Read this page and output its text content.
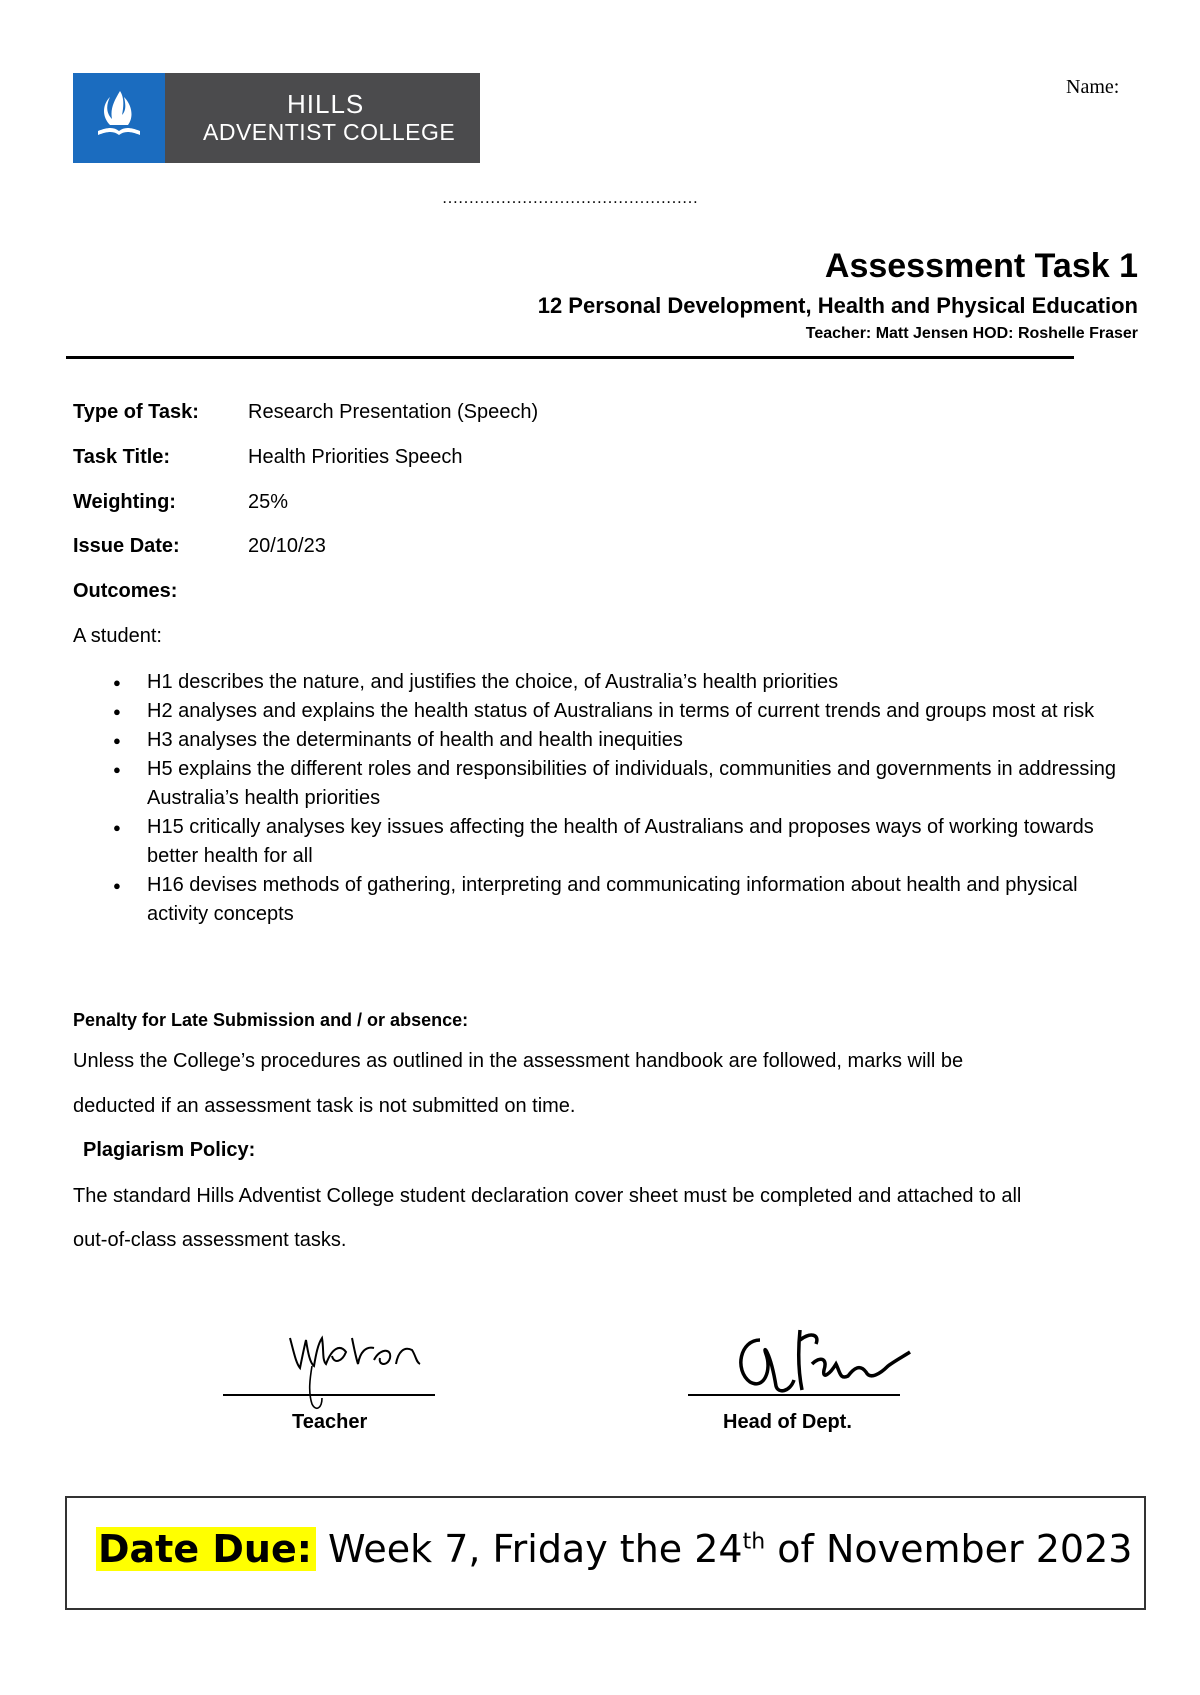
HILLS
ADVENTIST COLLEGE
Name:
…………………………………………
Assessment Task 1
12 Personal Development, Health and Physical Education
Teacher: Matt Jensen HOD: Roshelle Fraser
Type of Task: Research Presentation (Speech)
Task Title:	Health Priorities Speech
Weighting:	25%
Issue Date:	20/10/23
Outcomes:
A student:
● H1 describes the nature, and justifies the choice, of Australia’s health priorities
● H2 analyses and explains the health status of Australians in terms of current trends and groups most at risk
● H3 analyses the determinants of health and health inequities
● H5 explains the different roles and responsibilities of individuals, communities and governments in addressing Australia’s health priorities
● H15 critically analyses key issues affecting the health of Australians and proposes ways of working towards better health for all
● H16 devises methods of gathering, interpreting and communicating information about health and physical activity concepts
Penalty for Late Submission and / or absence:
Unless the College’s procedures as outlined in the assessment handbook are followed, marks will be
deducted if an assessment task is not submitted on time.
Plagiarism Policy:
The standard Hills Adventist College student declaration cover sheet must be completed and attached to all
out-of-class assessment tasks.
Teacher	Head of Dept.
Date Due: Week 7, Friday the 24th of November 2023
